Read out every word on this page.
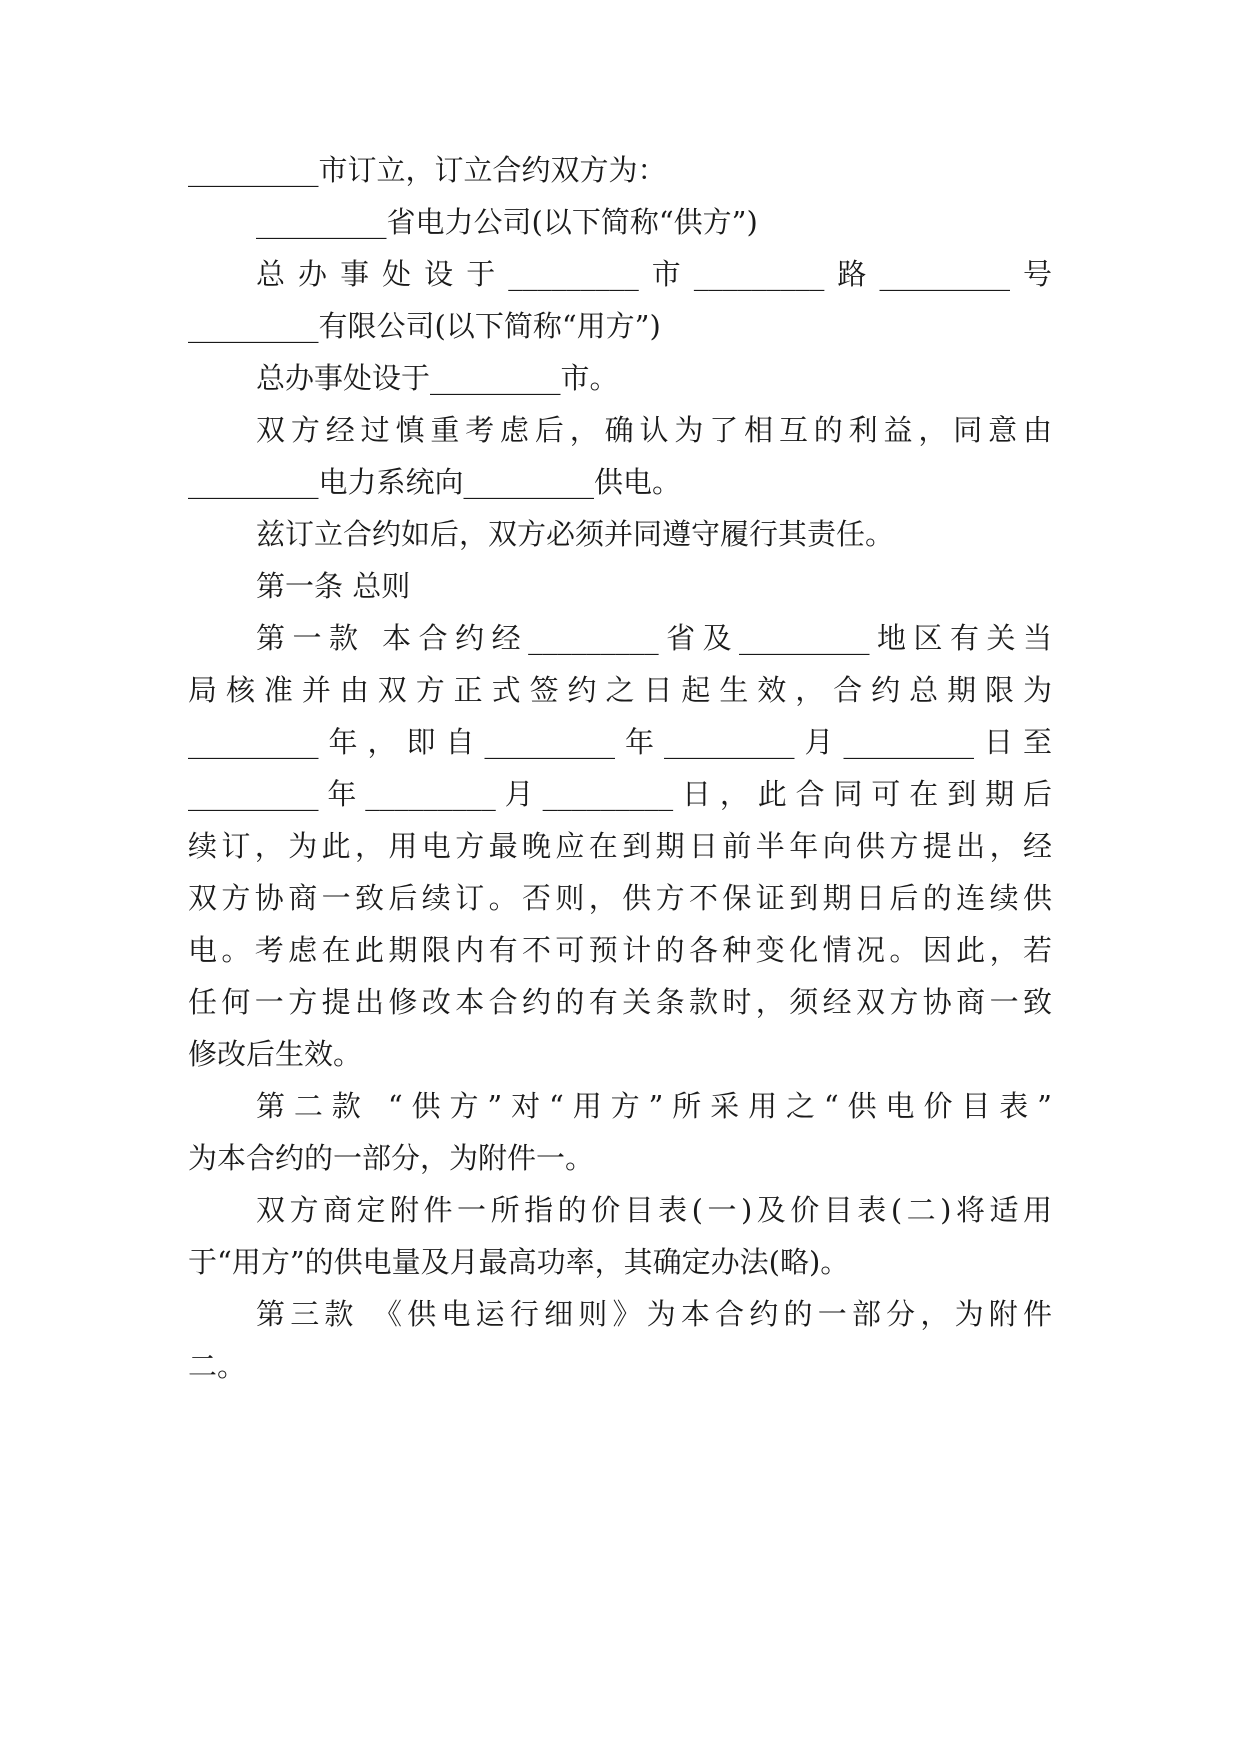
_________市订立，订立合约双方为：
_________省电力公司(以下简称“供方”)
总办事处设于_________市_________路_________号
_________有限公司(以下简称“用方”)
总办事处设于_________市。
双方经过慎重考虑后，确认为了相互的利益，同意由
_________电力系统向_________供电。
兹订立合约如后，双方必须并同遵守履行其责任。
第一条 总则
第一款 本合约经_________省及_________地区有关当
局核准并由双方正式签约之日起生效，合约总期限为
_________年，即自_________年_________月_________日至
_________年_________月_________日，此合同可在到期后
续订，为此，用电方最晚应在到期日前半年向供方提出，经
双方协商一致后续订。否则，供方不保证到期日后的连续供
电。考虑在此期限内有不可预计的各种变化情况。因此，若
任何一方提出修改本合约的有关条款时，须经双方协商一致
修改后生效。
第二款 “供方”对“用方”所采用之“供电价目表”
为本合约的一部分，为附件一。
双方商定附件一所指的价目表(一)及价目表(二)将适用
于“用方”的供电量及月最高功率，其确定办法(略)。
第三款 《供电运行细则》为本合约的一部分，为附件
二。
